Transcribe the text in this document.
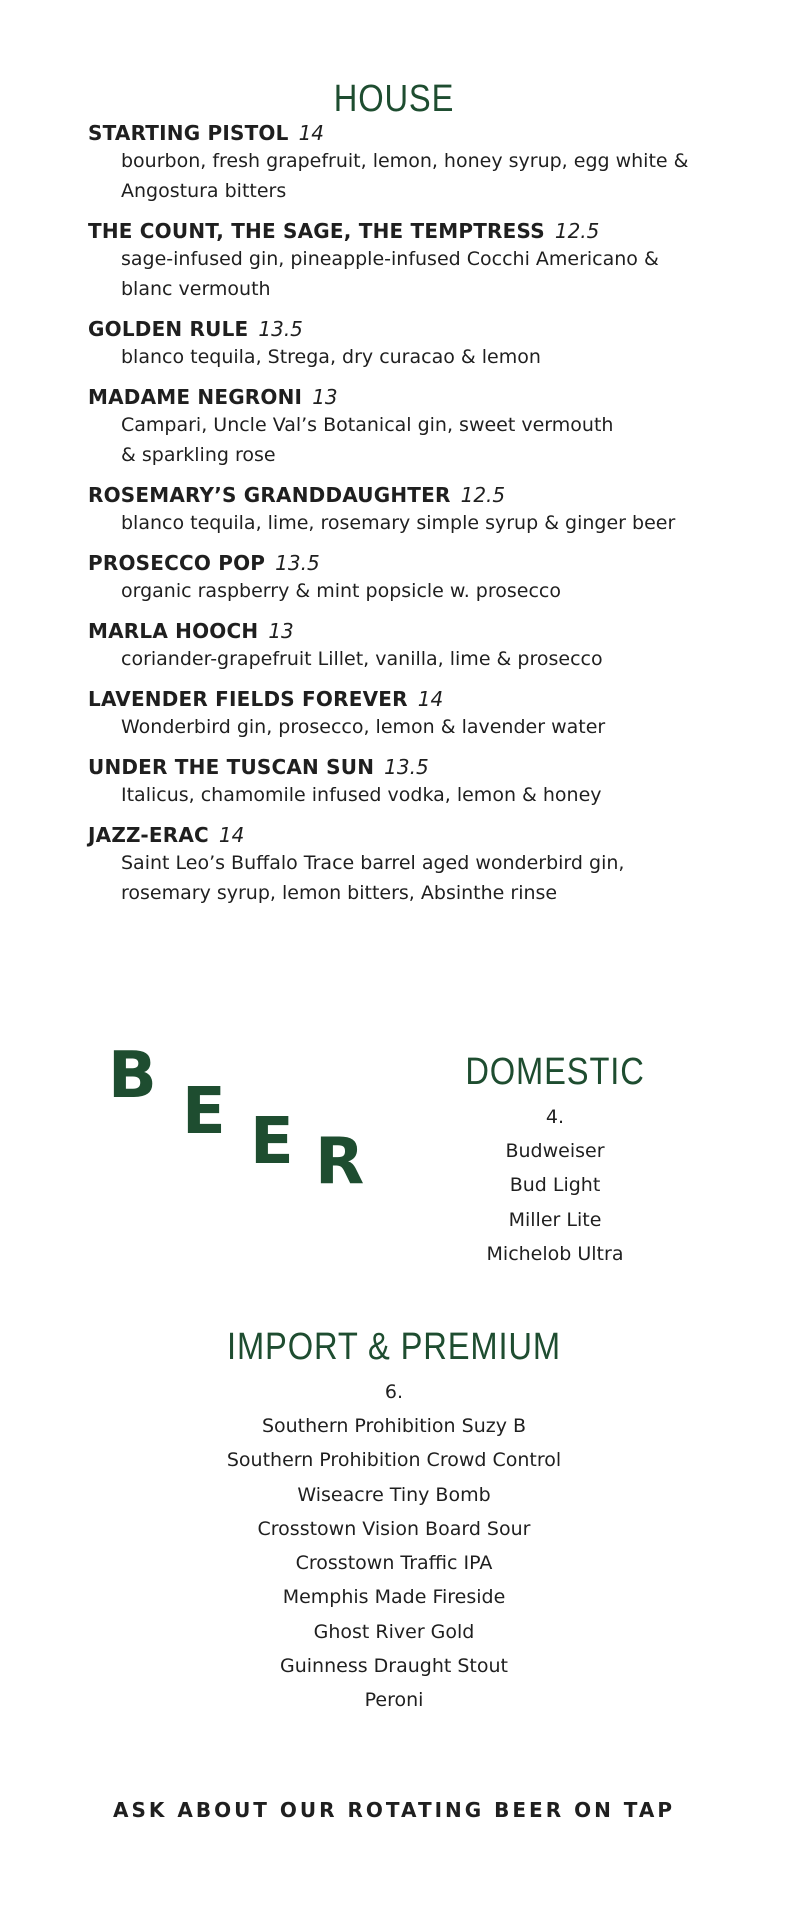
HOUSE
STARTING PISTOL 14
bourbon, fresh grapefruit, lemon, honey syrup, egg white &
Angostura bitters
THE COUNT, THE SAGE, THE TEMPTRESS 12.5
sage-infused gin, pineapple-infused Cocchi Americano &
blanc vermouth
GOLDEN RULE 13.5
blanco tequila, Strega, dry curacao & lemon
MADAME NEGRONI 13
Campari, Uncle Val’s Botanical gin, sweet vermouth
& sparkling rose
ROSEMARY’S GRANDDAUGHTER 12.5
blanco tequila, lime, rosemary simple syrup & ginger beer
PROSECCO POP 13.5
organic raspberry & mint popsicle w. prosecco
MARLA HOOCH 13
coriander-grapefruit Lillet, vanilla, lime & prosecco
LAVENDER FIELDS FOREVER 14
Wonderbird gin, prosecco, lemon & lavender water
UNDER THE TUSCAN SUN 13.5
Italicus, chamomile infused vodka, lemon & honey
JAZZ-ERAC 14
Saint Leo’s Buffalo Trace barrel aged wonderbird gin,
rosemary syrup, lemon bitters, Absinthe rinse
B E E R
DOMESTIC
4.
Budweiser
Bud Light
Miller Lite
Michelob Ultra
IMPORT & PREMIUM
6.
Southern Prohibition Suzy B
Southern Prohibition Crowd Control
Wiseacre Tiny Bomb
Crosstown Vision Board Sour
Crosstown Traffic IPA
Memphis Made Fireside
Ghost River Gold
Guinness Draught Stout
Peroni
ASK ABOUT OUR ROTATING BEER ON TAP
